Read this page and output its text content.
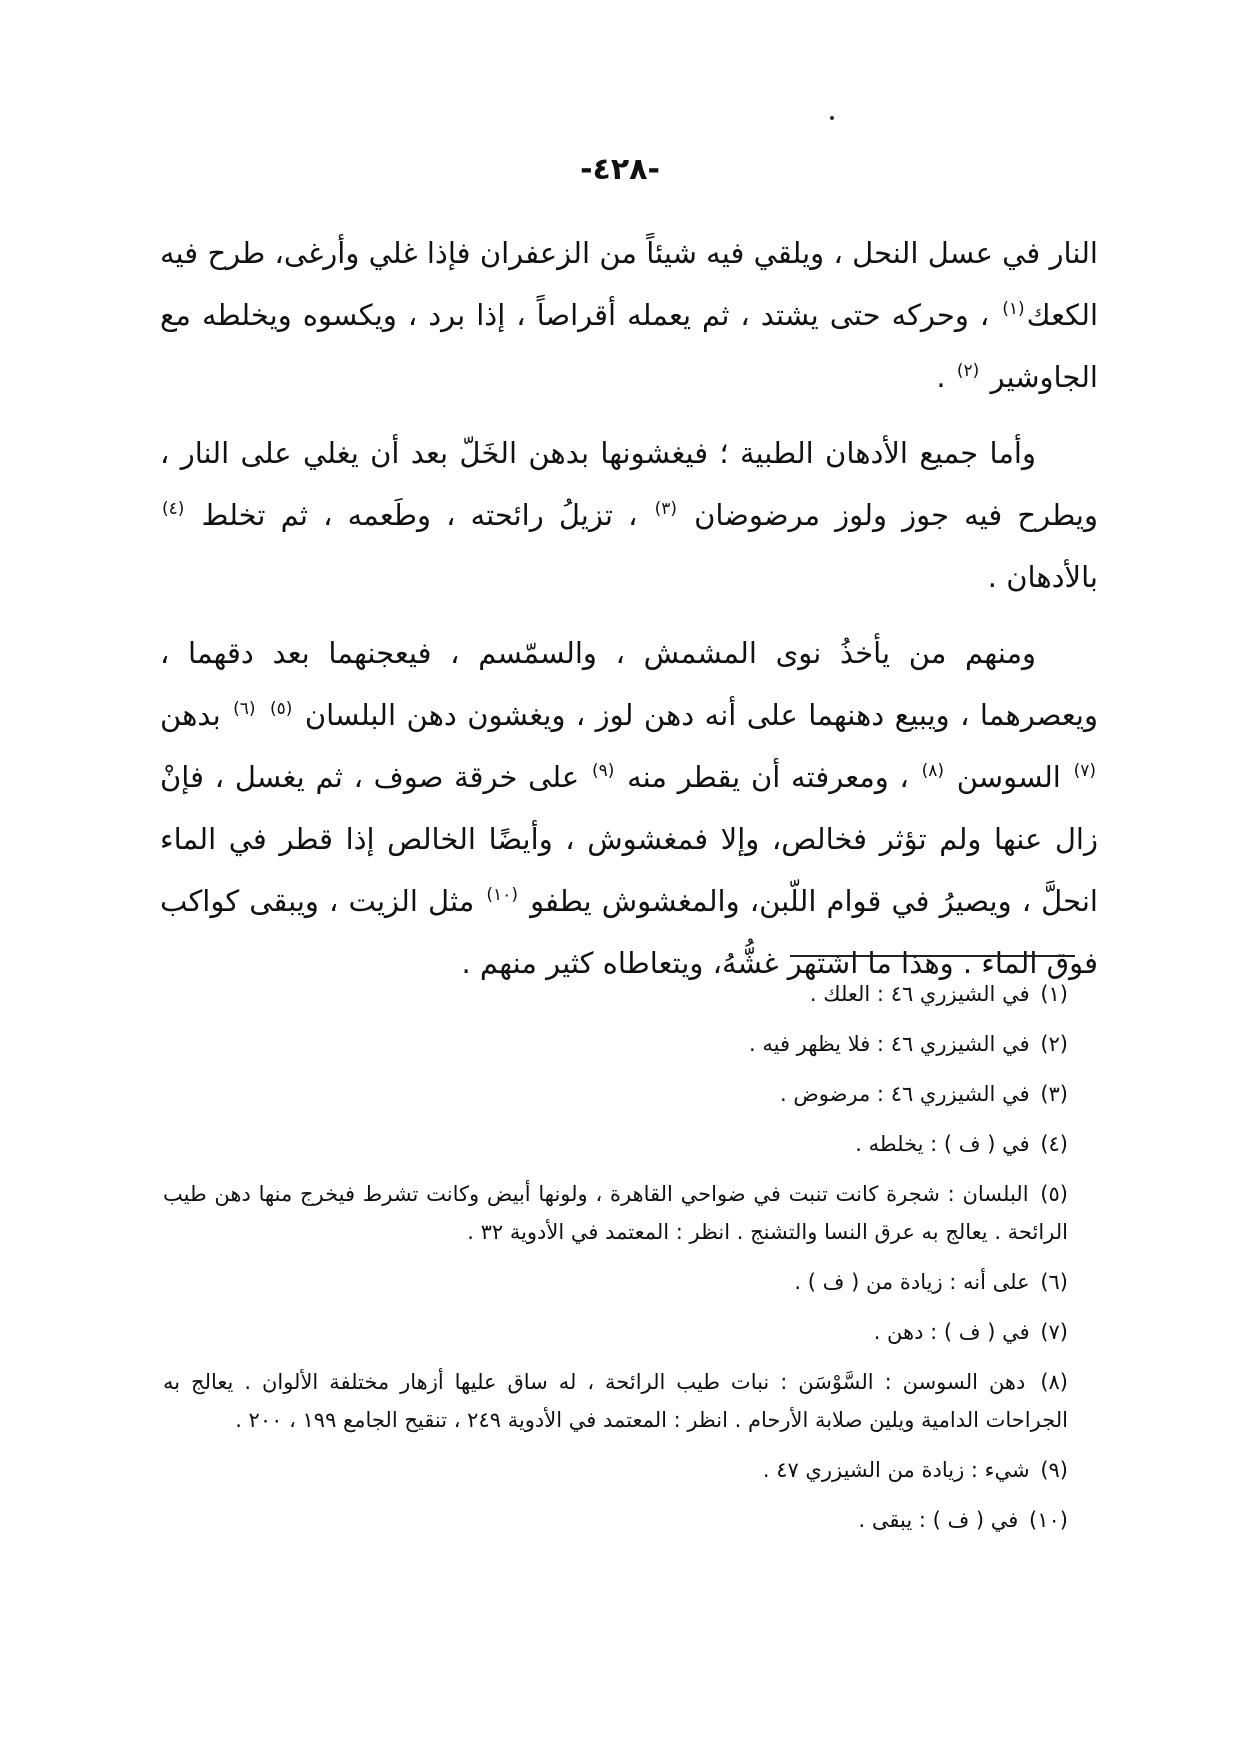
-٤٢٨-

النار في عسل النحل ، ويلقي فيه شيئاً من الزعفران فإذا غلي وأرغى، طرح فيه الكعك$^{(١)}$ ، وحركه حتى يشتد ، ثم يعمله أقراصاً ، إذا برد ، ويكسوه ويخلطه مع الجاوشير $^{(٢)}$ .

وأما جميع الأدهان الطبية ؛ فيغشونها بدهن الخَلّ بعد أن يغلي على النار ، ويطرح فيه جوز ولوز مرضوضان $^{(٣)}$ ، تزيلُ رائحته ، وطَعمه ، ثم تخلط $^{(٤)}$ بالأدهان .

ومنهم من يأخذُ نوى المشمش ، والسمّسم ، فيعجنهما بعد دقهما ، ويعصرهما ، ويبيع دهنهما على أنه دهن لوز ، ويغشون دهن البلسان $^{(٥)}$ $^{(٦)}$ بدهن $^{(٧)}$ السوسن $^{(٨)}$ ، ومعرفته أن يقطر منه $^{(٩)}$ على خرقة صوف ، ثم يغسل ، فإنْ زال عنها ولم تؤثر فخالص، وإلا فمغشوش ، وأيضًا الخالص إذا قطر في الماء انحلَّ ، ويصيرُ في قوام اللّبن، والمغشوش يطفو $^{(١٠)}$ مثل الزيت ، ويبقى كواكب فوق الماء . وهذا ما اشتهر غشُّهُ، ويتعاطاه كثير منهم .

(١) في الشيزري ٤٦ : العلك .
(٢) في الشيزري ٤٦ : فلا يظهر فيه .
(٣) في الشيزري ٤٦ : مرضوض .
(٤) في ( ف ) : يخلطه .
(٥) البلسان : شجرة كانت تنبت في ضواحي القاهرة ، ولونها أبيض وكانت تشرط فيخرج منها دهن طيب الرائحة . يعالج به عرق النسا والتشنج . انظر : المعتمد في الأدوية ٣٢ .
(٦) على أنه : زيادة من ( ف ) .
(٧) في ( ف ) : دهن .
(٨) دهن السوسن : السَّوْسَن : نبات طيب الرائحة ، له ساق عليها أزهار مختلفة الألوان . يعالج به الجراحات الدامية ويلين صلابة الأرحام . انظر : المعتمد في الأدوية ٢٤٩ ، تنقيح الجامع ١٩٩ ، ٢٠٠ .
(٩) شيء : زيادة من الشيزري ٤٧ .
(١٠) في ( ف ) : يبقى .
